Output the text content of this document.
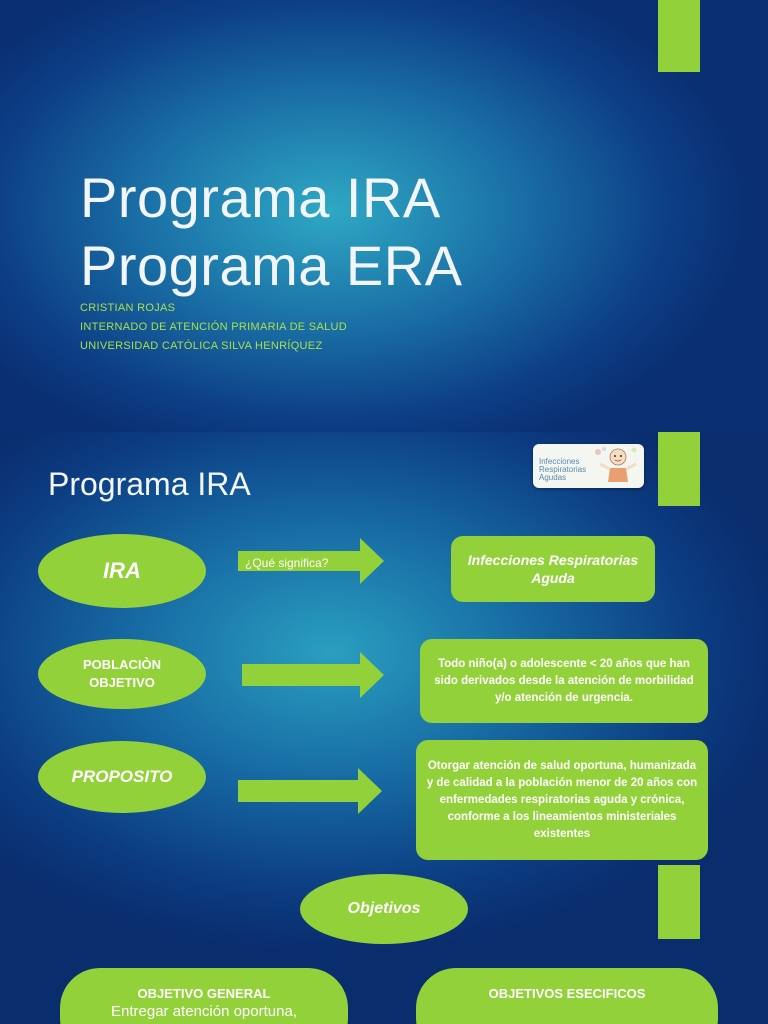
Programa IRA
Programa ERA
CRISTIAN ROJAS
INTERNADO DE ATENCIÓN PRIMARIA DE SALUD
UNIVERSIDAD CATÓLICA SILVA HENRÍQUEZ
Programa IRA
Infecciones
Respiratorias
Agudas
IRA	¿Qué significa?	Infecciones Respiratorias Aguda
POBLACIÒN OBJETIVO
Todo niño(a) o adolescente < 20 años que han sido derivados desde la atención de morbilidad y/o atención de urgencia.
PROPOSITO
Otorgar atención de salud oportuna, humanizada y de calidad a la población menor de 20 años con enfermedades respiratorias aguda y crónica, conforme a los lineamientos ministeriales existentes
Objetivos
OBJETIVO GENERAL
Entregar atención oportuna,
OBJETIVOS ESECIFICOS
